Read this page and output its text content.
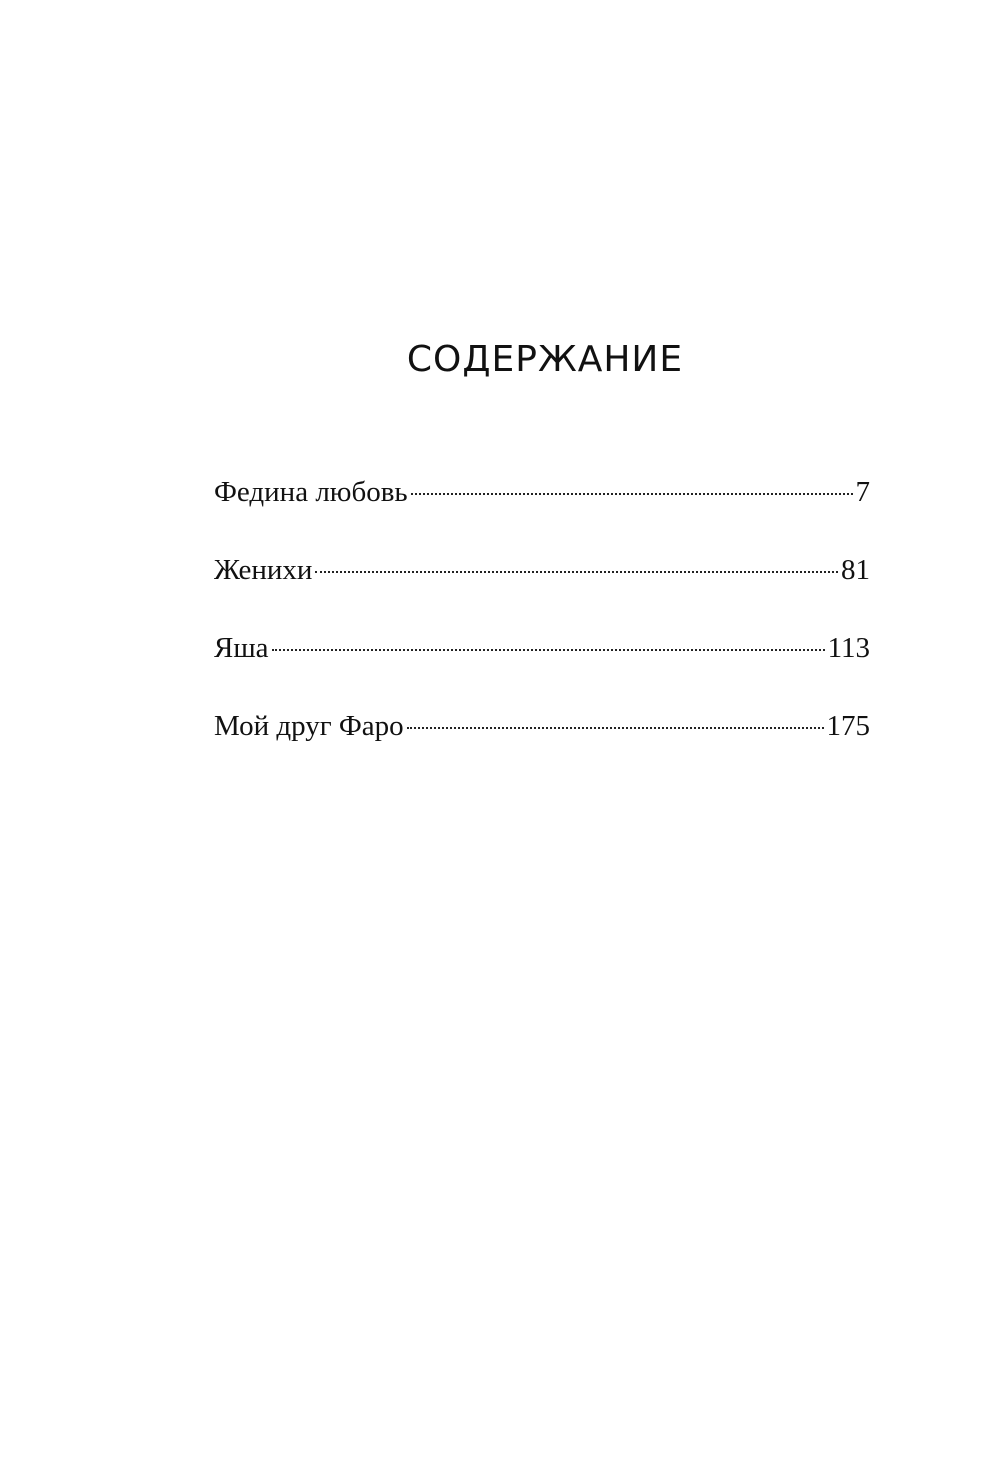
СОДЕРЖАНИЕ
Федина любовь	7
Женихи	81
Яша	113
Мой друг Фаро	175
